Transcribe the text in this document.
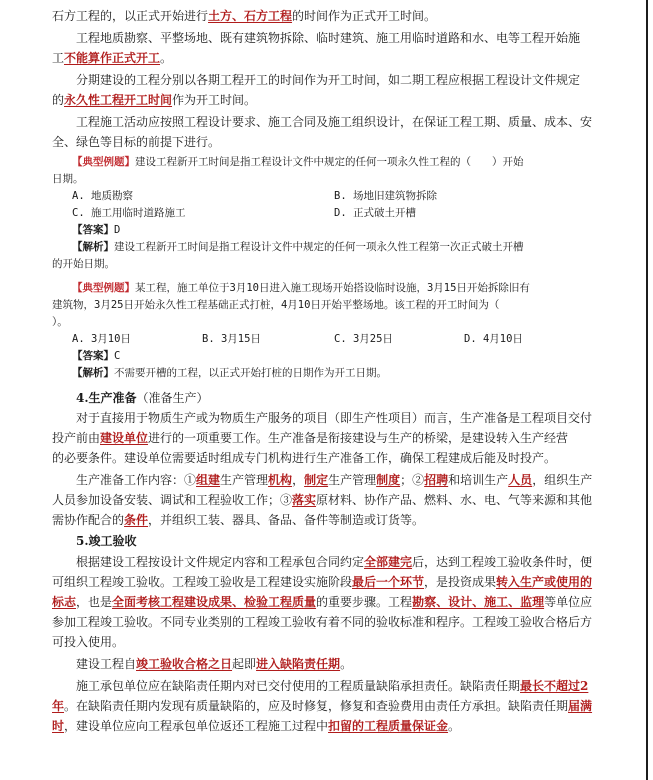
石方工程的，以正式开始进行土方、石方工程的时间作为正式开工时间。

工程地质勘察、平整场地、既有建筑物拆除、临时建筑、施工用临时道路和水、电等工程开始施

工不能算作正式开工。

分期建设的工程分别以各期工程开工的时间作为开工时间，如二期工程应根据工程设计文件规定

的永久性工程开工时间作为开工时间。

工程施工活动应按照工程设计要求、施工合同及施工组织设计，在保证工程工期、质量、成本、安

全、绿色等目标的前提下进行。

【典型例题】建设工程新开工时间是指工程设计文件中规定的任何一项永久性工程的（　　）开始

日期。

A. 地质勘察	B. 场地旧建筑物拆除

C. 施工用临时道路施工	D. 正式破土开槽

【答案】D

【解析】建设工程新开工时间是指工程设计文件中规定的任何一项永久性工程第一次正式破土开槽

的开始日期。

【典型例题】某工程，施工单位于3月10日进入施工现场开始搭设临时设施，3月15日开始拆除旧有

建筑物，3月25日开始永久性工程基础正式打桩，4月10日开始平整场地。该工程的开工时间为（

）。

A. 3月10日	B. 3月15日	C. 3月25日	D. 4月10日

【答案】C

【解析】不需要开槽的工程，以正式开始打桩的日期作为开工日期。

4.生产准备（准备生产）

对于直接用于物质生产或为物质生产服务的项目（即生产性项目）而言，生产准备是工程项目交付

投产前由建设单位进行的一项重要工作。生产准备是衔接建设与生产的桥梁，是建设转入生产经营

的必要条件。建设单位需要适时组成专门机构进行生产准备工作，确保工程建成后能及时投产。

生产准备工作内容：①组建生产管理机构，制定生产管理制度；②招聘和培训生产人员，组织生产

人员参加设备安装、调试和工程验收工作；③落实原材料、协作产品、燃料、水、电、气等来源和其他

需协作配合的条件，并组织工装、器具、备品、备件等制造或订货等。

5.竣工验收

根据建设工程按设计文件规定内容和工程承包合同约定全部建完后，达到工程竣工验收条件时，便

可组织工程竣工验收。工程竣工验收是工程建设实施阶段最后一个环节，是投资成果转入生产或使用的

标志，也是全面考核工程建设成果、检验工程质量的重要步骤。工程勘察、设计、施工、监理等单位应

参加工程竣工验收。不同专业类别的工程竣工验收有着不同的验收标准和程序。工程竣工验收合格后方

可投入使用。

建设工程自竣工验收合格之日起即进入缺陷责任期。

施工承包单位应在缺陷责任期内对已交付使用的工程质量缺陷承担责任。缺陷责任期最长不超过2

年。在缺陷责任期内发现有质量缺陷的，应及时修复，修复和查验费用由责任方承担。缺陷责任期届满

时，建设单位应向工程承包单位返还工程施工过程中扣留的工程质量保证金。
